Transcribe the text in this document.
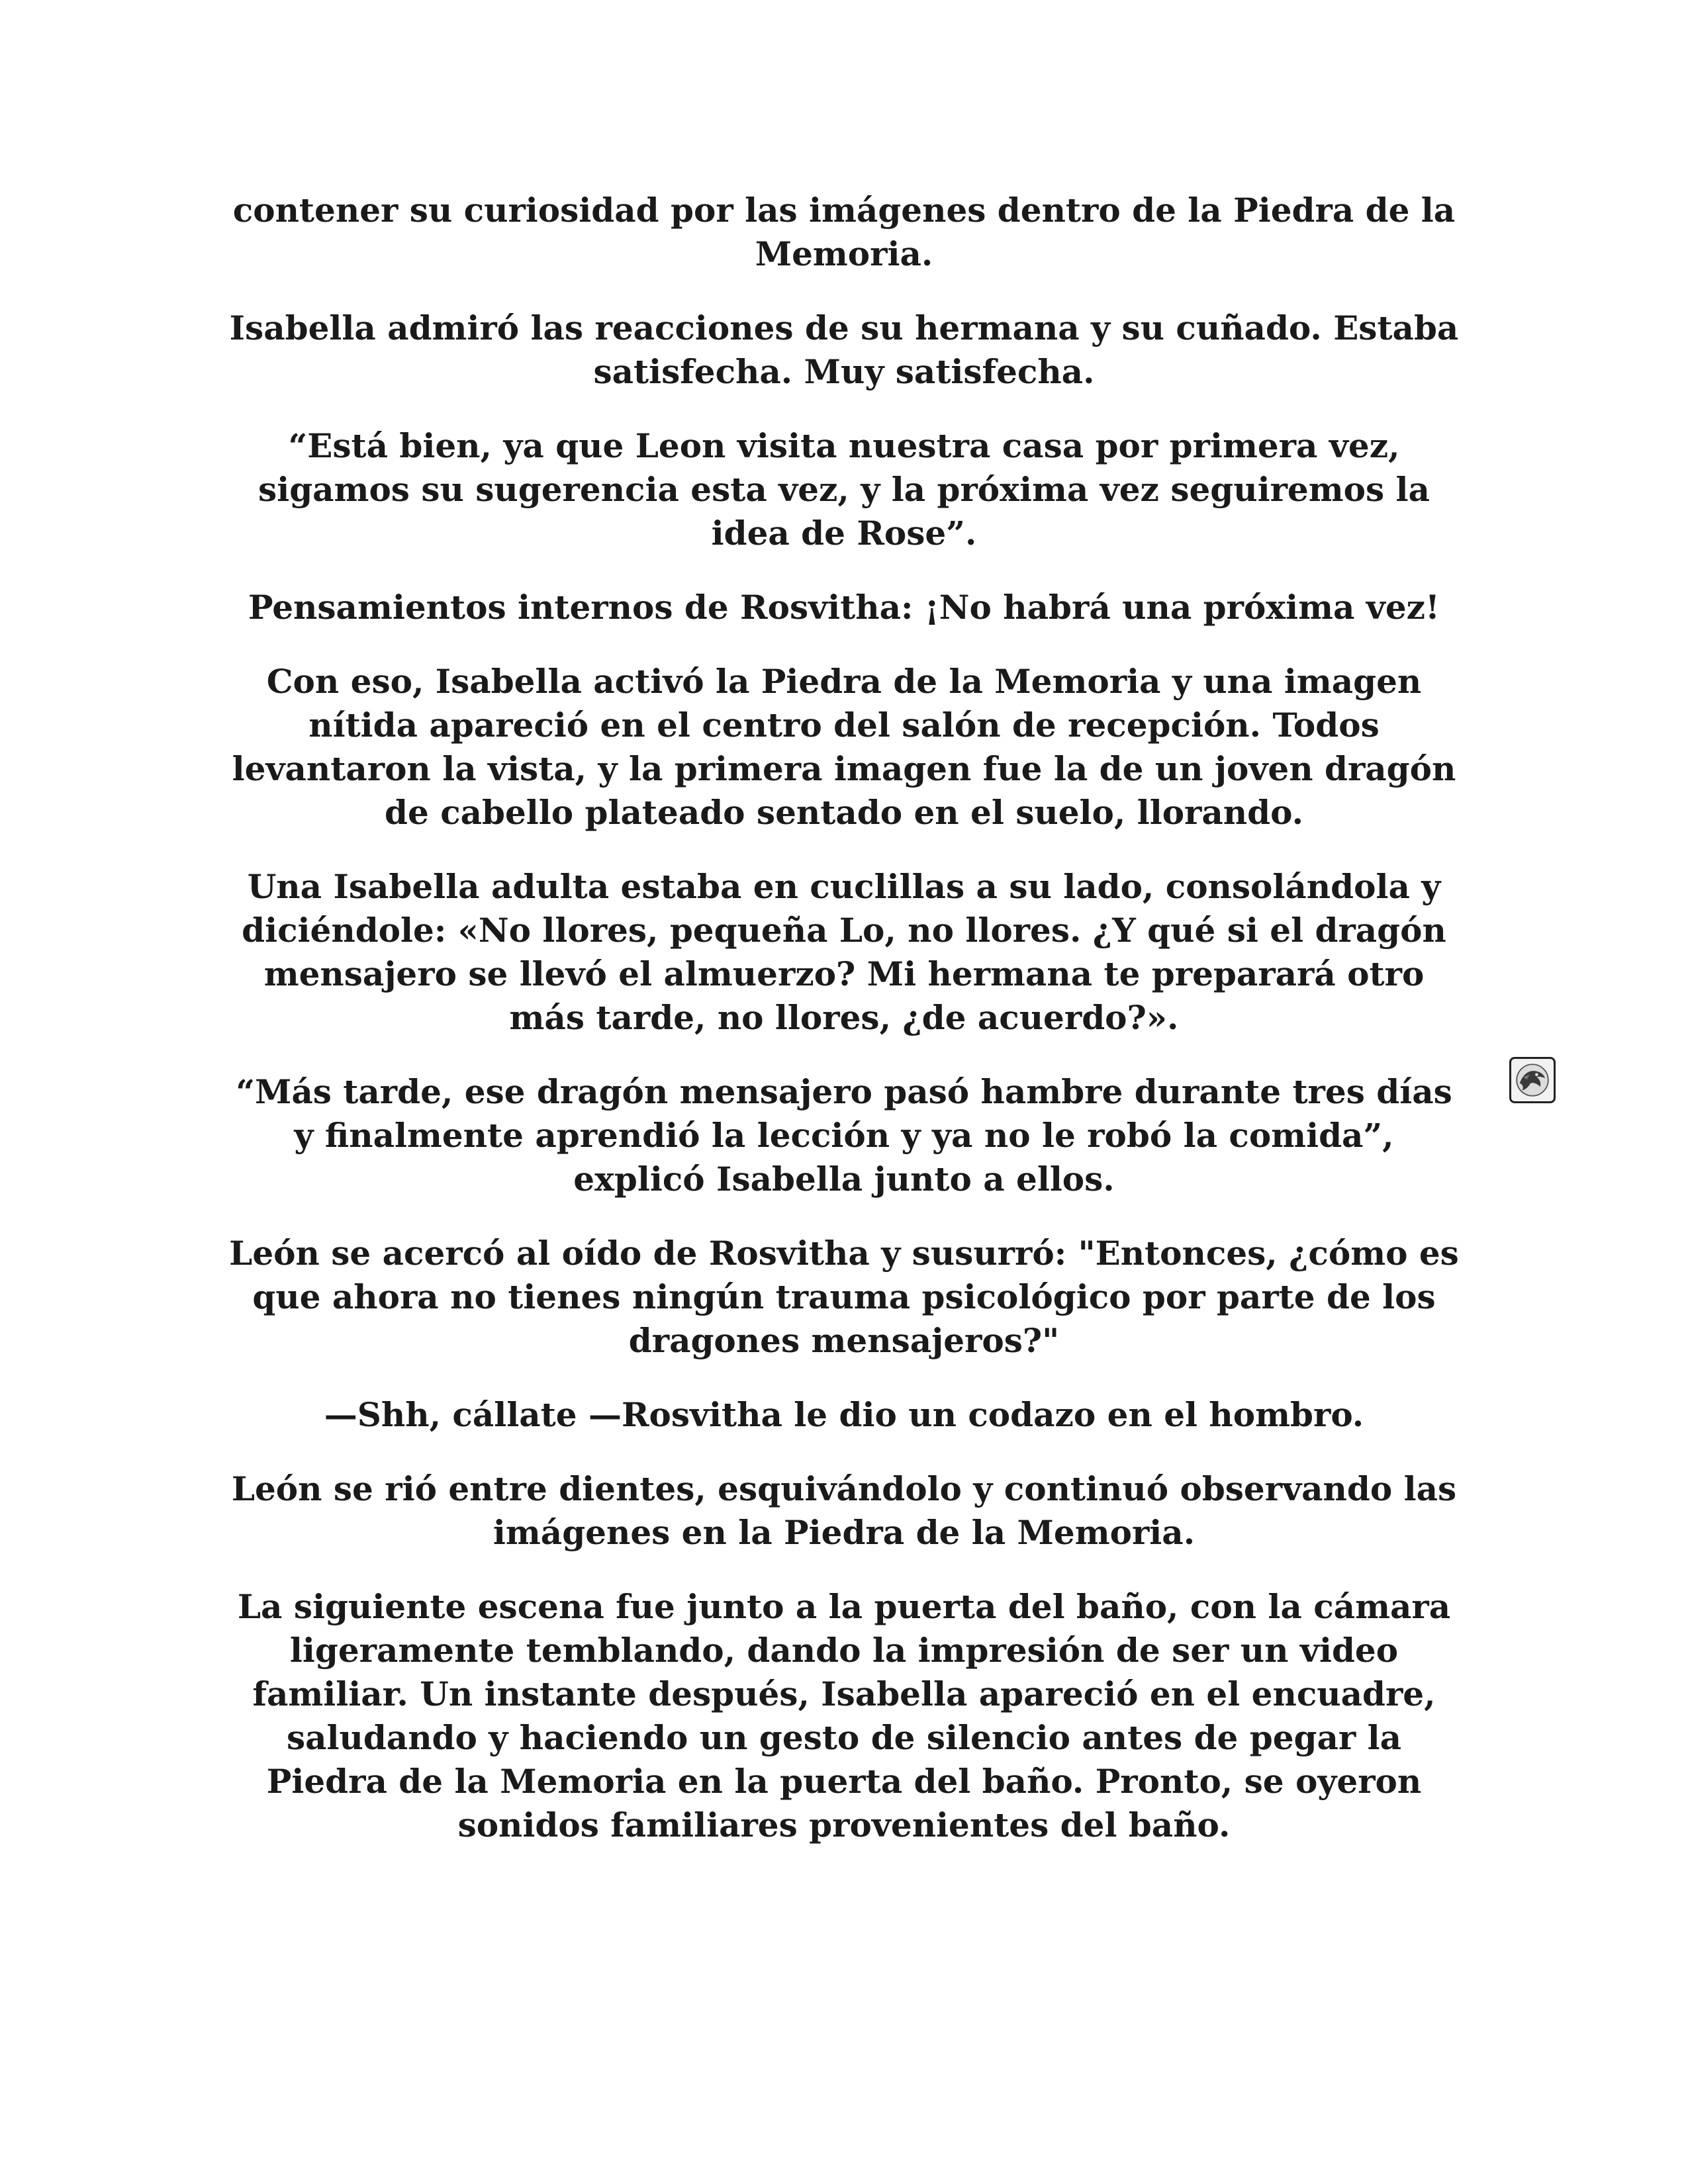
contener su curiosidad por las imágenes dentro de la Piedra de la Memoria.

Isabella admiró las reacciones de su hermana y su cuñado. Estaba satisfecha. Muy satisfecha.

“Está bien, ya que Leon visita nuestra casa por primera vez, sigamos su sugerencia esta vez, y la próxima vez seguiremos la idea de Rose”.

Pensamientos internos de Rosvitha: ¡No habrá una próxima vez!

Con eso, Isabella activó la Piedra de la Memoria y una imagen nítida apareció en el centro del salón de recepción. Todos levantaron la vista, y la primera imagen fue la de un joven dragón de cabello plateado sentado en el suelo, llorando.

Una Isabella adulta estaba en cuclillas a su lado, consolándola y diciéndole: «No llores, pequeña Lo, no llores. ¿Y qué si el dragón mensajero se llevó el almuerzo? Mi hermana te preparará otro más tarde, no llores, ¿de acuerdo?».

“Más tarde, ese dragón mensajero pasó hambre durante tres días y finalmente aprendió la lección y ya no le robó la comida”, explicó Isabella junto a ellos.

León se acercó al oído de Rosvitha y susurró: "Entonces, ¿cómo es que ahora no tienes ningún trauma psicológico por parte de los dragones mensajeros?"

—Shh, cállate —Rosvitha le dio un codazo en el hombro.

León se rió entre dientes, esquivándolo y continuó observando las imágenes en la Piedra de la Memoria.

La siguiente escena fue junto a la puerta del baño, con la cámara ligeramente temblando, dando la impresión de ser un video familiar. Un instante después, Isabella apareció en el encuadre, saludando y haciendo un gesto de silencio antes de pegar la Piedra de la Memoria en la puerta del baño. Pronto, se oyeron sonidos familiares provenientes del baño.
